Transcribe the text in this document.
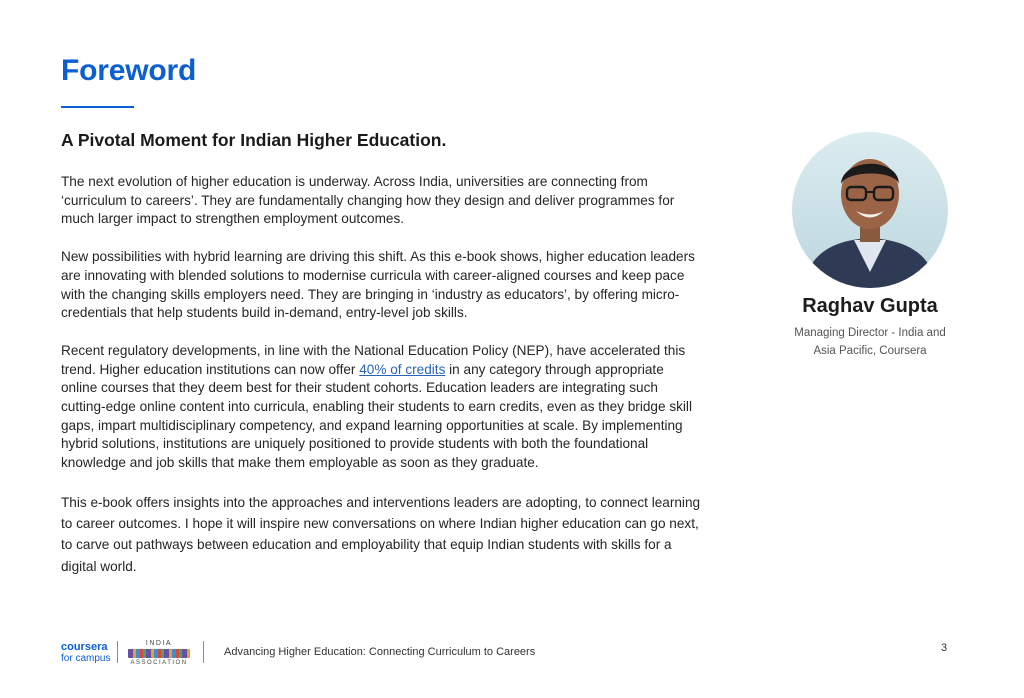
Foreword
A Pivotal Moment for Indian Higher Education.

The next evolution of higher education is underway. Across India, universities are connecting from ‘curriculum to careers’. They are fundamentally changing how they design and deliver programmes for much larger impact to strengthen employment outcomes.

New possibilities with hybrid learning are driving this shift. As this e-book shows, higher education leaders are innovating with blended solutions to modernise curricula with career-aligned courses and keep pace with the changing skills employers need. They are bringing in ‘industry as educators’, by offering micro-credentials that help students build in-demand, entry-level job skills.

Recent regulatory developments, in line with the National Education Policy (NEP), have accelerated this trend. Higher education institutions can now offer 40% of credits in any category through appropriate online courses that they deem best for their student cohorts. Education leaders are integrating such cutting-edge online content into curricula, enabling their students to earn credits, even as they bridge skill gaps, impart multidisciplinary competency, and expand learning opportunities at scale. By implementing hybrid solutions, institutions are uniquely positioned to provide students with both the foundational knowledge and job skills that make them employable as soon as they graduate.

This e-book offers insights into the approaches and interventions leaders are adopting, to connect learning to career outcomes. I hope it will inspire new conversations on where Indian higher education can go next, to carve out pathways between education and employability that equip Indian students with skills for a digital world.

Raghav Gupta
Managing Director - India and Asia Pacific, Coursera
coursera
for campus
INDIA
ASSOCIATION
Advancing Higher Education: Connecting Curriculum to Careers	3
